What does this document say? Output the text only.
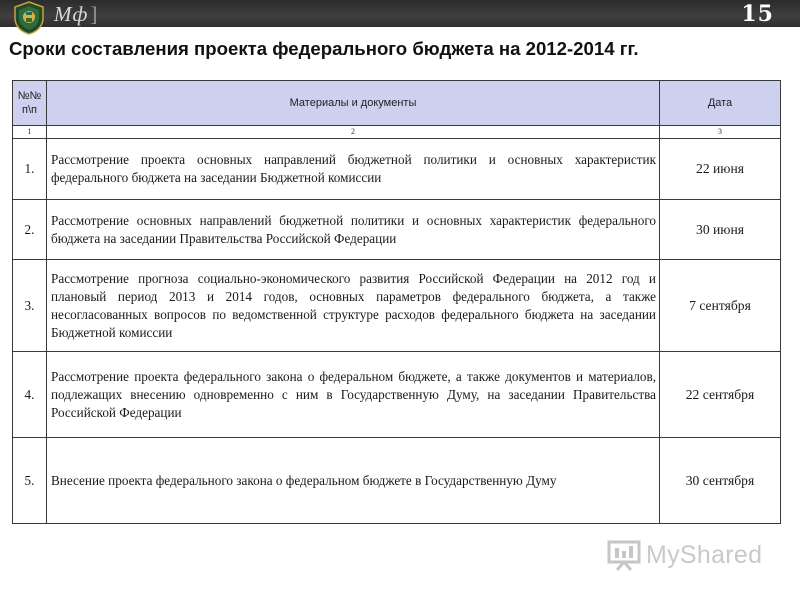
Мф]	15
Сроки составления проекта федерального бюджета на 2012-2014 гг.
№№ п\п	Материалы и документы	Дата
1	2	3
1.	Рассмотрение проекта основных направлений бюджетной политики и основных характеристик федерального бюджета на заседании Бюджетной комиссии	22 июня
2.	Рассмотрение основных направлений бюджетной политики и основных характеристик федерального бюджета на заседании Правительства Российской Федерации	30 июня
3.	Рассмотрение прогноза социально-экономического развития Российской Федерации на 2012 год и плановый период 2013 и 2014 годов, основных параметров федерального бюджета, а также несогласованных вопросов по ведомственной структуре расходов федерального бюджета на заседании Бюджетной комиссии	7 сентября
4.	Рассмотрение проекта федерального закона о федеральном бюджете, а также документов и материалов, подлежащих внесению одновременно с ним в Государственную Думу, на заседании Правительства Российской Федерации	22 сентября
5.	Внесение проекта федерального закона о федеральном бюджете в Государственную Думу	30 сентября
MyShared
